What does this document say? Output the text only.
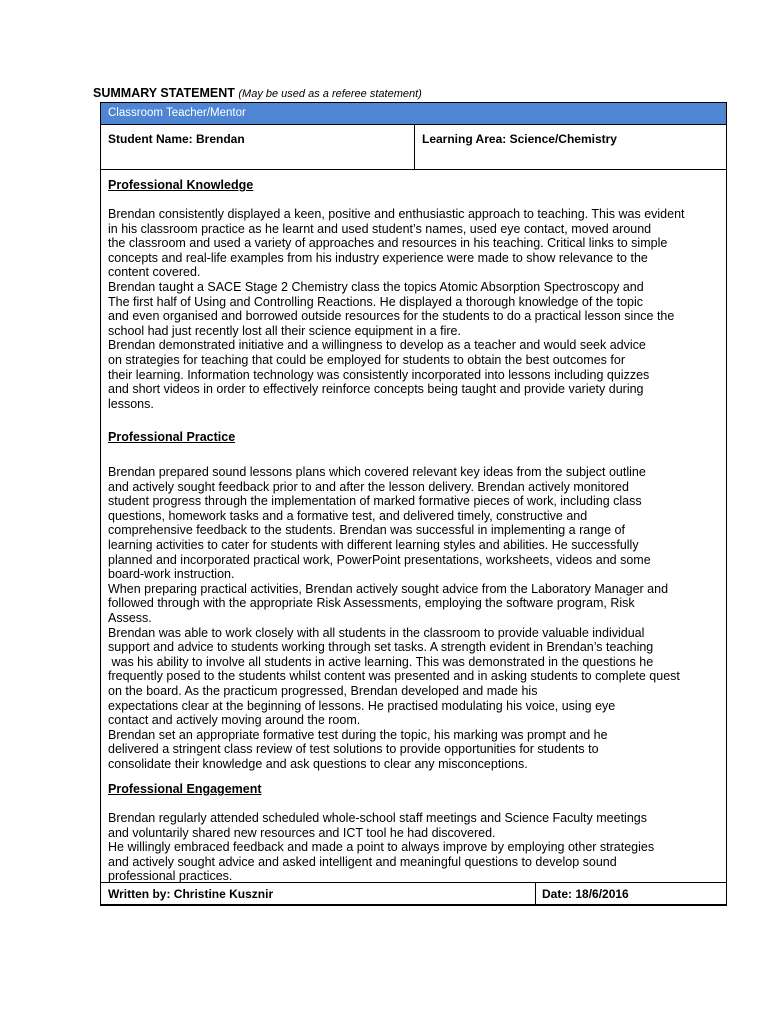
SUMMARY STATEMENT (May be used as a referee statement)
Classroom Teacher/Mentor
Student Name: Brendan	Learning Area: Science/Chemistry
Professional Knowledge
Brendan consistently displayed a keen, positive and enthusiastic approach to teaching. This was evident
in his classroom practice as he learnt and used student’s names, used eye contact, moved around
the classroom and used a variety of approaches and resources in his teaching. Critical links to simple
concepts and real-life examples from his industry experience were made to show relevance to the
content covered.
Brendan taught a SACE Stage 2 Chemistry class the topics Atomic Absorption Spectroscopy and
The first half of Using and Controlling Reactions. He displayed a thorough knowledge of the topic
and even organised and borrowed outside resources for the students to do a practical lesson since the
school had just recently lost all their science equipment in a fire.
Brendan demonstrated initiative and a willingness to develop as a teacher and would seek advice
on strategies for teaching that could be employed for students to obtain the best outcomes for
their learning. Information technology was consistently incorporated into lessons including quizzes
and short videos in order to effectively reinforce concepts being taught and provide variety during
lessons.
Professional Practice
Brendan prepared sound lessons plans which covered relevant key ideas from the subject outline
and actively sought feedback prior to and after the lesson delivery. Brendan actively monitored
student progress through the implementation of marked formative pieces of work, including class
questions, homework tasks and a formative test, and delivered timely, constructive and
comprehensive feedback to the students. Brendan was successful in implementing a range of
learning activities to cater for students with different learning styles and abilities. He successfully
planned and incorporated practical work, PowerPoint presentations, worksheets, videos and some
board-work instruction.
When preparing practical activities, Brendan actively sought advice from the Laboratory Manager and
followed through with the appropriate Risk Assessments, employing the software program, Risk
Assess.
Brendan was able to work closely with all students in the classroom to provide valuable individual
support and advice to students working through set tasks. A strength evident in Brendan’s teaching
was his ability to involve all students in active learning. This was demonstrated in the questions he
frequently posed to the students whilst content was presented and in asking students to complete quest
on the board. As the practicum progressed, Brendan developed and made his
expectations clear at the beginning of lessons. He practised modulating his voice, using eye
contact and actively moving around the room.
Brendan set an appropriate formative test during the topic, his marking was prompt and he
delivered a stringent class review of test solutions to provide opportunities for students to
consolidate their knowledge and ask questions to clear any misconceptions.
Professional Engagement
Brendan regularly attended scheduled whole-school staff meetings and Science Faculty meetings
and voluntarily shared new resources and ICT tool he had discovered.
He willingly embraced feedback and made a point to always improve by employing other strategies
and actively sought advice and asked intelligent and meaningful questions to develop sound
professional practices.
Written by: Christine Kusznir	Date: 18/6/2016
